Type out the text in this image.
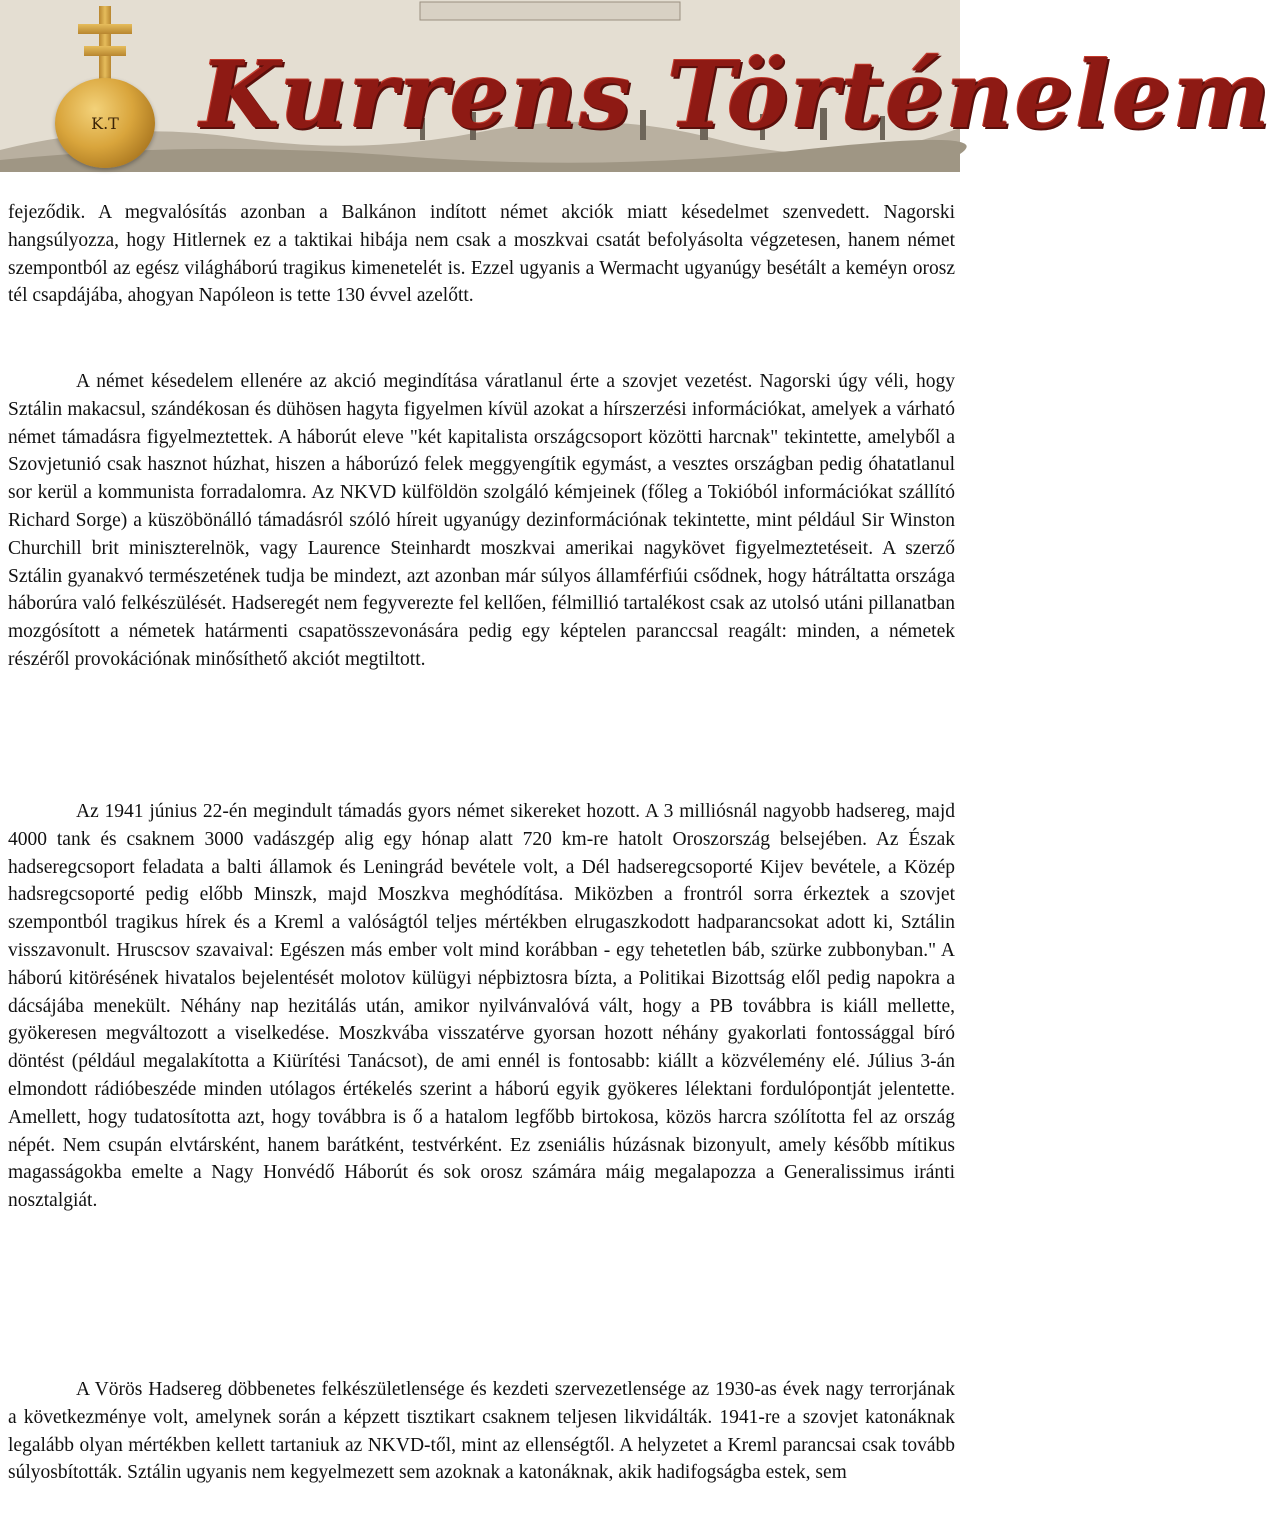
K.T Kurrens Történelem
fejeződik. A megvalósítás azonban a Balkánon indított német akciók miatt késedelmet szenvedett. Nagorski hangsúlyozza, hogy Hitlernek ez a taktikai hibája nem csak a moszkvai csatát befolyásolta végzetesen, hanem német szempontból az egész világháború tragikus kimenetelét is. Ezzel ugyanis a Wermacht ugyanúgy besétált a keméyn orosz tél csapdájába, ahogyan Napóleon is tette 130 évvel azelőtt.
A német késedelem ellenére az akció megindítása váratlanul érte a szovjet vezetést. Nagorski úgy véli, hogy Sztálin makacsul, szándékosan és dühösen hagyta figyelmen kívül azokat a hírszerzési információkat, amelyek a várható német támadásra figyelmeztettek. A háborút eleve "két kapitalista országcsoport közötti harcnak" tekintette, amelyből a Szovjetunió csak hasznot húzhat, hiszen a háborúzó felek meggyengítik egymást, a vesztes országban pedig óhatatlanul sor kerül a kommunista forradalomra. Az NKVD külföldön szolgáló kémjeinek (főleg a Tokióból információkat szállító Richard Sorge) a küszöbönálló támadásról szóló híreit ugyanúgy dezinformációnak tekintette, mint például Sir Winston Churchill brit miniszterelnök, vagy Laurence Steinhardt moszkvai amerikai nagykövet figyelmeztetéseit. A szerző Sztálin gyanakvó természetének tudja be mindezt, azt azonban már súlyos államférfiúi csődnek, hogy hátráltatta országa háborúra való felkészülését. Hadseregét nem fegyverezte fel kellően, félmillió tartalékost csak az utolsó utáni pillanatban mozgósított a németek határmenti csapatösszevonására pedig egy képtelen paranccsal reagált: minden, a németek részéről provokációnak minősíthető akciót megtiltott.
Az 1941 június 22-én megindult támadás gyors német sikereket hozott. A 3 milliósnál nagyobb hadsereg, majd 4000 tank és csaknem 3000 vadászgép alig egy hónap alatt 720 km-re hatolt Oroszország belsejében. Az Észak hadseregcsoport feladata a balti államok és Leningrád bevétele volt, a Dél hadseregcsoporté Kijev bevétele, a Közép hadsregcsoporté pedig előbb Minszk, majd Moszkva meghódítása. Miközben a frontról sorra érkeztek a szovjet szempontból tragikus hírek és a Kreml a valóságtól teljes mértékben elrugaszkodott hadparancsokat adott ki, Sztálin visszavonult. Hruscsov szavaival: Egészen más ember volt mind korábban - egy tehetetlen báb, szürke zubbonyban." A háború kitörésének hivatalos bejelentését molotov külügyi népbiztosra bízta, a Politikai Bizottság elől pedig napokra a dácsájába menekült. Néhány nap hezitálás után, amikor nyilvánvalóvá vált, hogy a PB továbbra is kiáll mellette, gyökeresen megváltozott a viselkedése. Moszkvába visszatérve gyorsan hozott néhány gyakorlati fontossággal bíró döntést (például megalakította a Kiürítési Tanácsot), de ami ennél is fontosabb: kiállt a közvélemény elé. Július 3-án elmondott rádióbeszéde minden utólagos értékelés szerint a háború egyik gyökeres lélektani fordulópontját jelentette. Amellett, hogy tudatosította azt, hogy továbbra is ő a hatalom legfőbb birtokosa, közös harcra szólította fel az ország népét. Nem csupán elvtársként, hanem barátként, testvérként. Ez zseniális húzásnak bizonyult, amely később mítikus magasságokba emelte a Nagy Honvédő Háborút és sok orosz számára máig megalapozza a Generalissimus iránti nosztalgiát.
A Vörös Hadsereg döbbenetes felkészületlensége és kezdeti szervezetlensége az 1930-as évek nagy terrorjának a következménye volt, amelynek során a képzett tisztikart csaknem teljesen likvidálták. 1941-re a szovjet katonáknak legalább olyan mértékben kellett tartaniuk az NKVD-től, mint az ellenségtől. A helyzetet a Kreml parancsai csak tovább súlyosbították. Sztálin ugyanis nem kegyelmezett sem azoknak a katonáknak, akik hadifogságba estek, sem
